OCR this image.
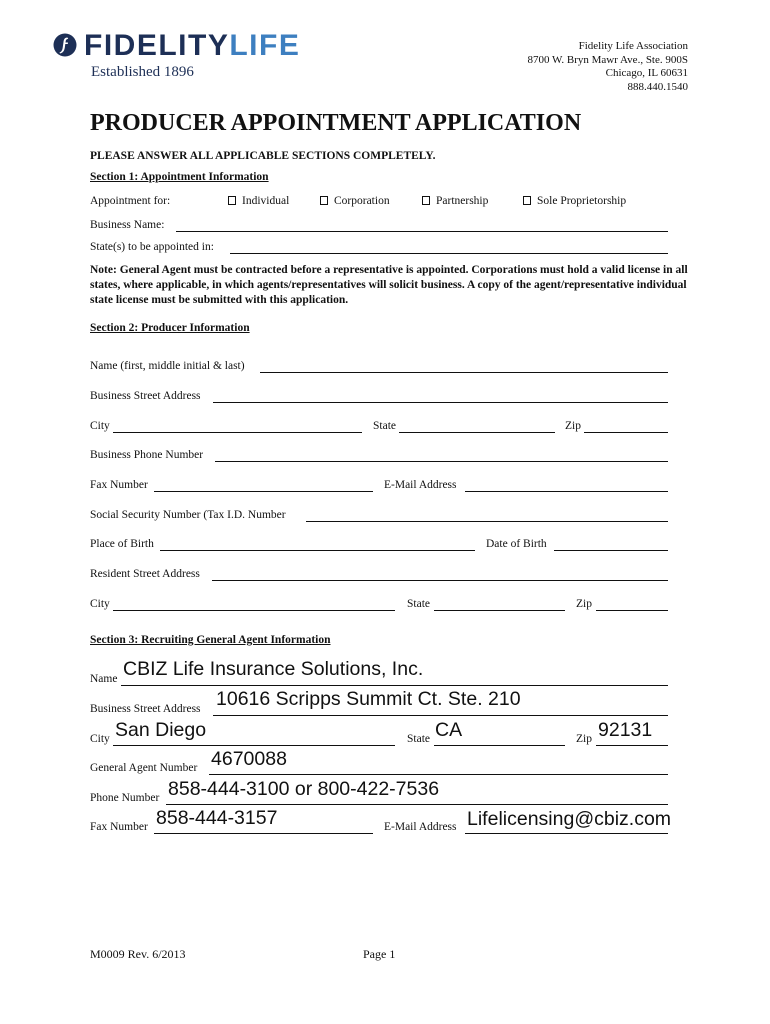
FIDELITYLIFE
Established 1896
Fidelity Life Association
8700 W. Bryn Mawr Ave., Ste. 900S
Chicago, IL 60631
888.440.1540
PRODUCER APPOINTMENT APPLICATION
PLEASE ANSWER ALL APPLICABLE SECTIONS COMPLETELY.
Section 1: Appointment Information
Appointment for:	Individual	Corporation	Partnership	Sole Proprietorship
Business Name:
State(s) to be appointed in:
Note: General Agent must be contracted before a representative is appointed. Corporations must hold a valid license in all states, where applicable, in which agents/representatives will solicit business. A copy of the agent/representative individual state license must be submitted with this application.
Section 2: Producer Information
Name (first, middle initial & last)
Business Street Address
City	State	Zip
Business Phone Number
Fax Number	E-Mail Address
Social Security Number (Tax I.D. Number
Place of Birth	Date of Birth
Resident Street Address
City	State	Zip
Section 3: Recruiting General Agent Information
Name CBIZ Life Insurance Solutions, Inc.
Business Street Address 10616 Scripps Summit Ct. Ste. 210
City San Diego	State CA	Zip 92131
General Agent Number 4670088
Phone Number 858-444-3100 or 800-422-7536
Fax Number 858-444-3157	E-Mail Address Lifelicensing@cbiz.com
M0009 Rev. 6/2013	Page 1
